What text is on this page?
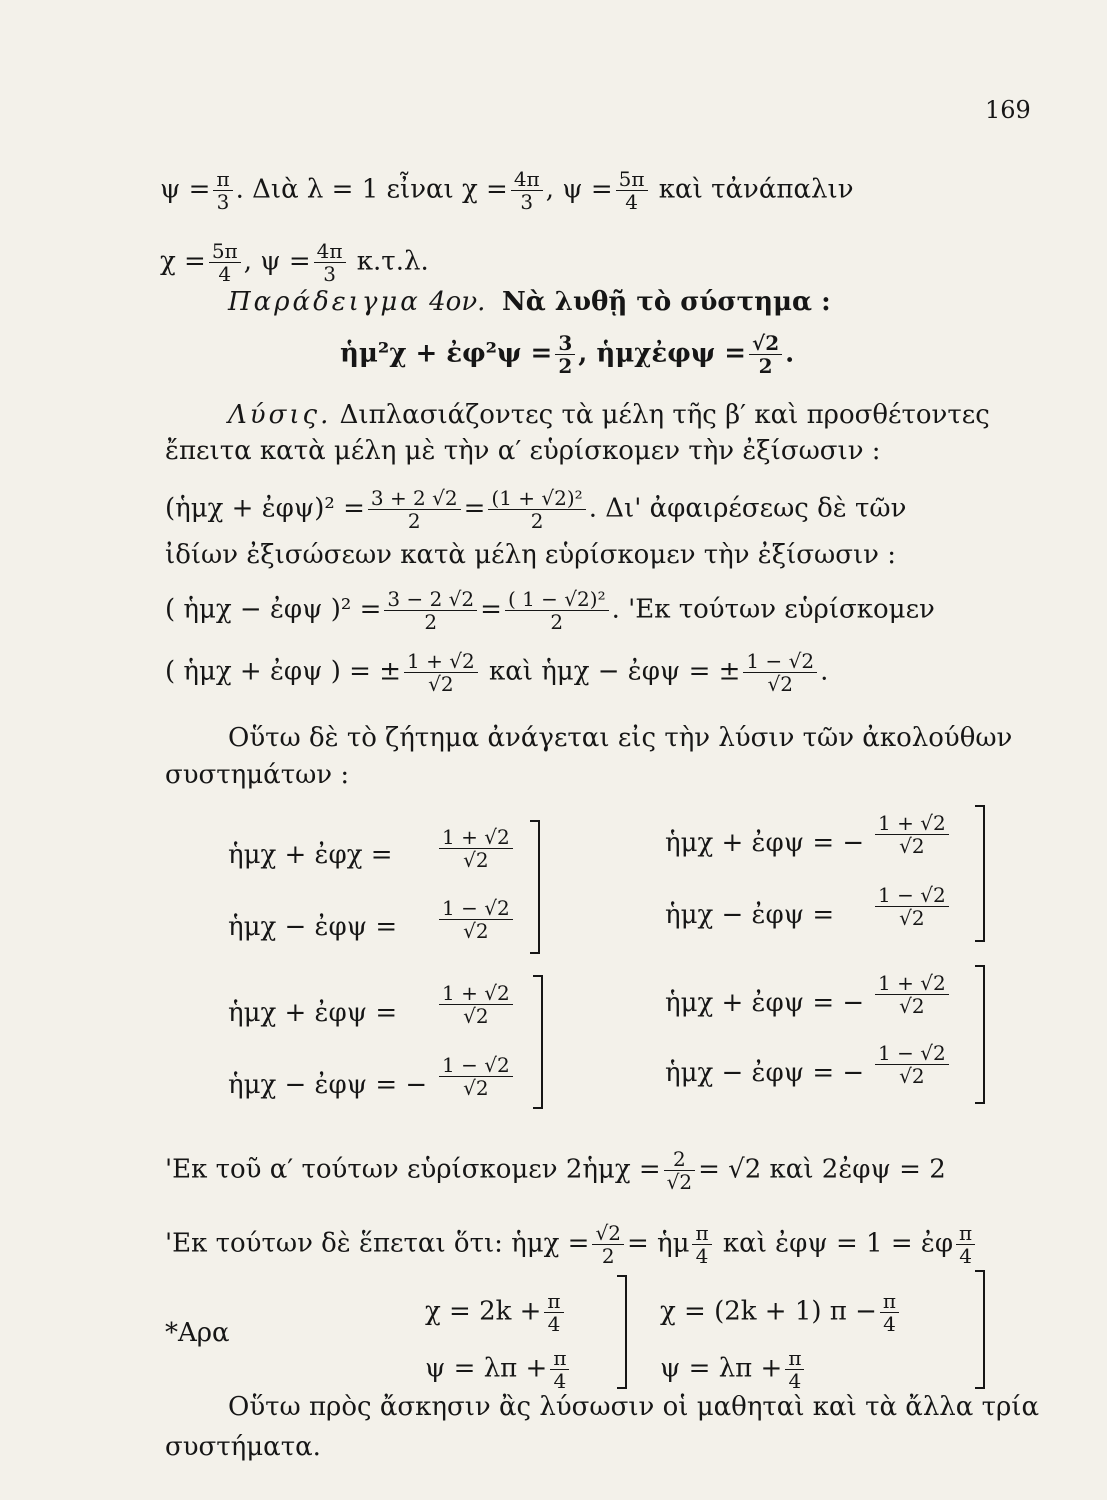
169
$\psi = \frac{\pi}{3}$ . Διὰ λ = 1 εἶναι $\chi = \frac{4\pi}{3}$ , $\psi = \frac{5\pi}{4}$ καὶ τἀνάπαλιν
$\chi = \frac{5\pi}{4}$ , $\psi = \frac{4\pi}{3} \kappa.\tau.\lambda$.
Παράδειγμα 4ον. Νὰ λυθῇ τὸ σύστημα :
ἡμ²χ + ἐφ²ψ = $\frac{3}{2}$ , ἡμχἐφψ = $\frac{√2}{2}$ .
Λύσις. Διπλασιάζοντες τὰ μέλη τῆς β′ καὶ προσθέτοντες
ἔπειτα κατὰ μέλη μὲ τὴν α′ εὑρίσκομεν τὴν ἐξίσωσιν :
(ἡμχ + ἐφψ)² = $\frac{3 + 2 √2}{2} = \frac{\text{(1 + √2)²}}{2}$ . Δι' ἀφαιρέσεως δὲ τῶν
ἰδίων ἐξισώσεων κατὰ μέλη εὑρίσκομεν τὴν ἐξίσωσιν :
( ἡμχ − ἐφψ )$^2 = \frac{3 - 2 √2}{2} = \frac{\text{( 1 − √2)²}}{2}$ . 'Εκ τούτων εὑρίσκομεν
( ἡμχ + ἐφψ ) = ± $\frac{1 + √2}{√2}$ καὶ ἡμχ − ἐφψ = ± $\frac{1 - √2}{√2}$ .
Οὕτω δὲ τὸ ζήτημα ἀνάγεται εἰς τὴν λύσιν τῶν ἀκολούθων
συστημάτων :
ἡμχ + ἐφχ = $\frac{1 + √2}{√2}$
ἡμχ − ἐφψ = $\frac{1 - √2}{√2}$
ἡμχ + ἐφψ = − $\frac{1 + √2}{√2}$
ἡμχ − ἐφψ = $\frac{1 - √2}{√2}$
ἡμχ + ἐφψ = $\frac{1 + √2}{√2}$
ἡμχ − ἐφψ = − $\frac{1 - √2}{√2}$
ἡμχ + ἐφψ = − $\frac{1 + √2}{√2}$
ἡμχ − ἐφψ = − $\frac{1 - √2}{√2}$
'Εκ τοῦ α′ τούτων εὑρίσκομεν 2ἡμχ = $\frac{2}{√2} = √2$ καὶ 2ἐφψ = 2
'Εκ τούτων δὲ ἕπεται ὅτι: ἡμχ = $\frac{√2}{2}$ = ἡμ $\frac{\pi}{4}$ καὶ ἐφψ = 1 = ἐφ $\frac{\pi}{4}$
*Αρα
$\chi = 2k + \frac{\pi}{4}$
$\psi = \lambda\pi + \frac{\pi}{4}$
χ = (2k + 1) $\pi - \frac{\pi}{4}$
$\psi = \lambda\pi + \frac{\pi}{4}$
Οὕτω πρὸς ἄσκησιν ἂς λύσωσιν οἱ μαθηταὶ καὶ τὰ ἄλλα τρία
συστήματα.
